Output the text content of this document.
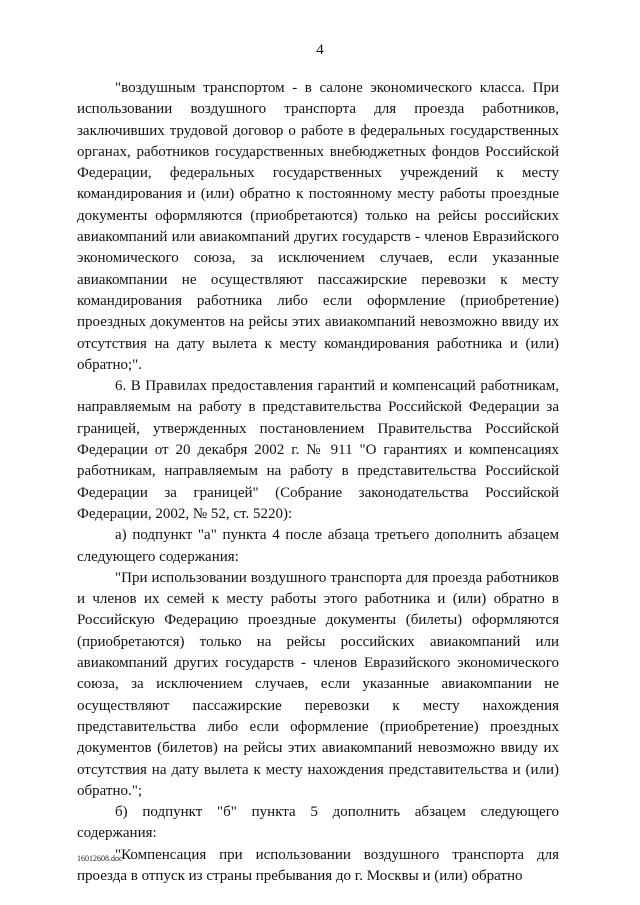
4

"воздушным транспортом - в салоне экономического класса. При использовании воздушного транспорта для проезда работников, заключивших трудовой договор о работе в федеральных государственных органах, работников государственных внебюджетных фондов Российской Федерации, федеральных государственных учреждений к месту командирования и (или) обратно к постоянному месту работы проездные документы оформляются (приобретаются) только на рейсы российских авиакомпаний или авиакомпаний других государств - членов Евразийского экономического союза, за исключением случаев, если указанные авиакомпании не осуществляют пассажирские перевозки к месту командирования работника либо если оформление (приобретение) проездных документов на рейсы этих авиакомпаний невозможно ввиду их отсутствия на дату вылета к месту командирования работника и (или) обратно;".

6. В Правилах предоставления гарантий и компенсаций работникам, направляемым на работу в представительства Российской Федерации за границей, утвержденных постановлением Правительства Российской Федерации от 20 декабря 2002 г. № 911 "О гарантиях и компенсациях работникам, направляемым на работу в представительства Российской Федерации за границей" (Собрание законодательства Российской Федерации, 2002, № 52, ст. 5220):

а) подпункт "а" пункта 4 после абзаца третьего дополнить абзацем следующего содержания:

"При использовании воздушного транспорта для проезда работников и членов их семей к месту работы этого работника и (или) обратно в Российскую Федерацию проездные документы (билеты) оформляются (приобретаются) только на рейсы российских авиакомпаний или авиакомпаний других государств - членов Евразийского экономического союза, за исключением случаев, если указанные авиакомпании не осуществляют пассажирские перевозки к месту нахождения представительства либо если оформление (приобретение) проездных документов (билетов) на рейсы этих авиакомпаний невозможно ввиду их отсутствия на дату вылета к месту нахождения представительства и (или) обратно.";

б) подпункт "б" пункта 5 дополнить абзацем следующего содержания:

"Компенсация при использовании воздушного транспорта для проезда в отпуск из страны пребывания до г. Москвы и (или) обратно

16012608.doc
